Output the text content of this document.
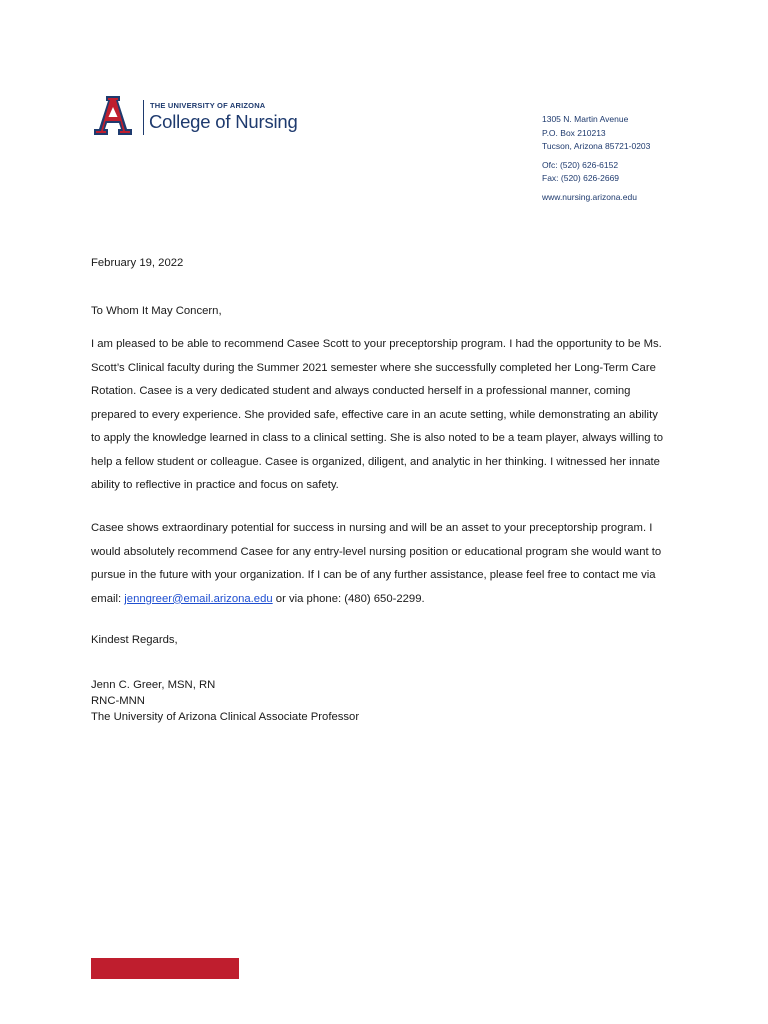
THE UNIVERSITY OF ARIZONA
College of Nursing	1305 N. Martin Avenue
P.O. Box 210213
Tucson, Arizona 85721-0203
Ofc: (520) 626-6152
Fax: (520) 626-2669
www.nursing.arizona.edu
February 19, 2022
To Whom It May Concern,
I am pleased to be able to recommend Casee Scott to your preceptorship program. I had the opportunity to be Ms.
Scott’s Clinical faculty during the Summer 2021 semester where she successfully completed her Long-Term Care
Rotation. Casee is a very dedicated student and always conducted herself in a professional manner, coming
prepared to every experience. She provided safe, effective care in an acute setting, while demonstrating an ability
to apply the knowledge learned in class to a clinical setting. She is also noted to be a team player, always willing to
help a fellow student or colleague. Casee is organized, diligent, and analytic in her thinking. I witnessed her innate
ability to reflective in practice and focus on safety.
Casee shows extraordinary potential for success in nursing and will be an asset to your preceptorship program. I
would absolutely recommend Casee for any entry-level nursing position or educational program she would want to
pursue in the future with your organization. If I can be of any further assistance, please feel free to contact me via
email: jenngreer@email.arizona.edu or via phone: (480) 650-2299.
Kindest Regards,
Jenn C. Greer, MSN, RN
RNC-MNN
The University of Arizona Clinical Associate Professor
